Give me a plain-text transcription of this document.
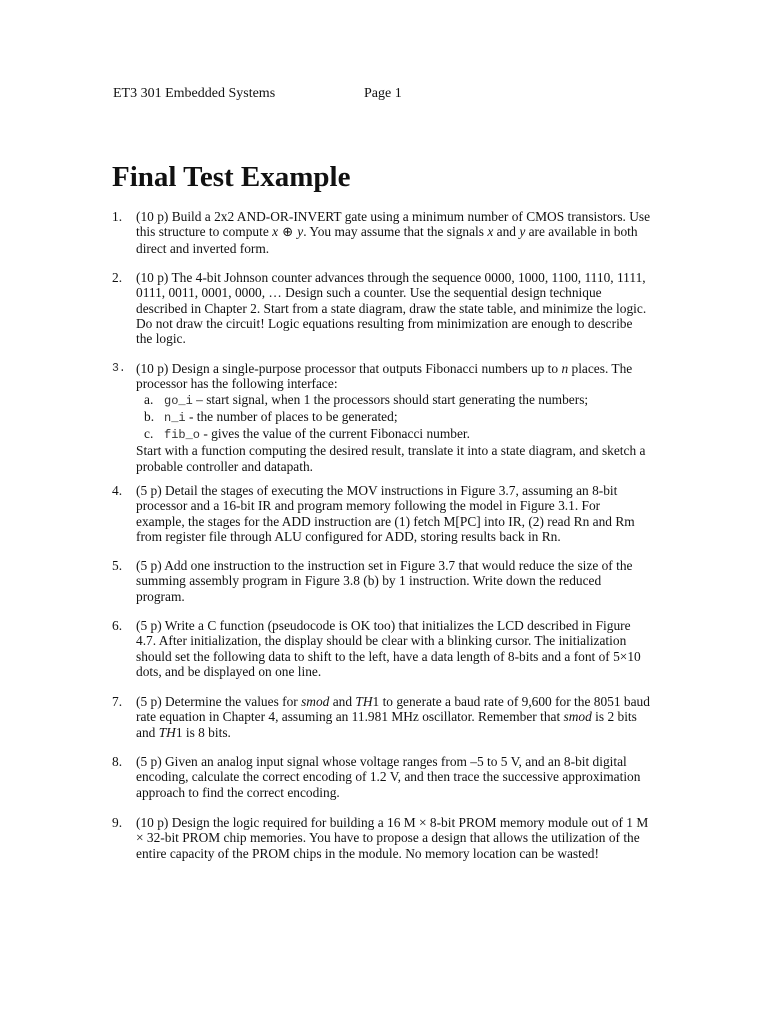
ET3 301 Embedded Systems	Page 1
Final Test Example
1. (10 p) Build a 2x2 AND-OR-INVERT gate using a minimum number of CMOS transistors. Use this structure to compute x ⊕ y. You may assume that the signals x and y are available in both direct and inverted form.
2. (10 p) The 4-bit Johnson counter advances through the sequence 0000, 1000, 1100, 1110, 1111, 0111, 0011, 0001, 0000, … Design such a counter. Use the sequential design technique described in Chapter 2. Start from a state diagram, draw the state table, and minimize the logic. Do not draw the circuit! Logic equations resulting from minimization are enough to describe the logic.
3. (10 p) Design a single-purpose processor that outputs Fibonacci numbers up to n places. The processor has the following interface:

a. go_i – start signal, when 1 the processors should start generating the numbers;
b. n_i - the number of places to be generated;
c. fib_o - gives the value of the current Fibonacci number.

Start with a function computing the desired result, translate it into a state diagram, and sketch a probable controller and datapath.

4. (5 p) Detail the stages of executing the MOV instructions in Figure 3.7, assuming an 8-bit processor and a 16-bit IR and program memory following the model in Figure 3.1. For example, the stages for the ADD instruction are (1) fetch M[PC] into IR, (2) read Rn and Rm from register file through ALU configured for ADD, storing results back in Rn.
5. (5 p) Add one instruction to the instruction set in Figure 3.7 that would reduce the size of the summing assembly program in Figure 3.8 (b) by 1 instruction. Write down the reduced program.
6. (5 p) Write a C function (pseudocode is OK too) that initializes the LCD described in Figure 4.7. After initialization, the display should be clear with a blinking cursor. The initialization should set the following data to shift to the left, have a data length of 8-bits and a font of 5×10 dots, and be displayed on one line.
7. (5 p) Determine the values for smod and TH1 to generate a baud rate of 9,600 for the 8051 baud rate equation in Chapter 4, assuming an 11.981 MHz oscillator. Remember that smod is 2 bits and TH1 is 8 bits.
8. (5 p) Given an analog input signal whose voltage ranges from –5 to 5 V, and an 8-bit digital encoding, calculate the correct encoding of 1.2 V, and then trace the successive approximation approach to find the correct encoding.
9. (10 p) Design the logic required for building a 16 M × 8-bit PROM memory module out of 1 M × 32-bit PROM chip memories. You have to propose a design that allows the utilization of the entire capacity of the PROM chips in the module. No memory location can be wasted!
